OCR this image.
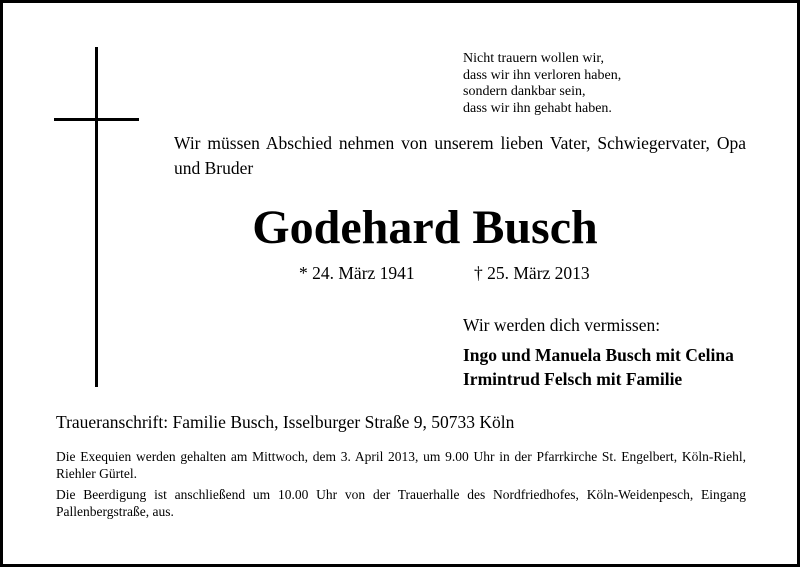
Nicht trauern wollen wir,
dass wir ihn verloren haben,
sondern dankbar sein,
dass wir ihn gehabt haben.
Wir müssen Abschied nehmen von unserem lieben Vater, Schwiegervater, Opa und Bruder
Godehard Busch
* 24. März 1941	† 25. März 2013
Wir werden dich vermissen:
Ingo und Manuela Busch mit Celina
Irmintrud Felsch mit Familie
Traueranschrift: Familie Busch, Isselburger Straße 9, 50733 Köln
Die Exequien werden gehalten am Mittwoch, dem 3. April 2013, um 9.00 Uhr in der Pfarrkirche St. Engelbert, Köln-Riehl, Riehler Gürtel.
Die Beerdigung ist anschließend um 10.00 Uhr von der Trauerhalle des Nordfriedhofes, Köln-Weidenpesch, Eingang Pallenbergstraße, aus.
